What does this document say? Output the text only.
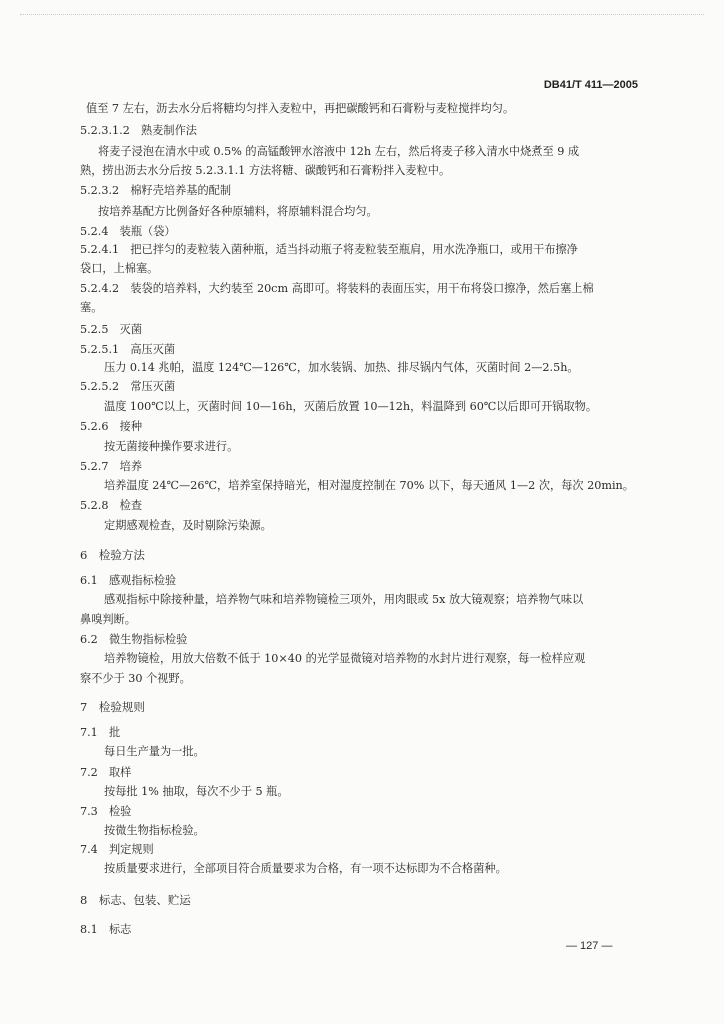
DB41/T 411—2005
值至 7 左右，沥去水分后将糖均匀拌入麦粒中，再把碳酸钙和石膏粉与麦粒搅拌均匀。
5.2.3.1.2　熟麦制作法
将麦子浸泡在清水中或 0.5% 的高锰酸钾水溶液中 12h 左右，然后将麦子移入清水中烧煮至 9 成
熟，捞出沥去水分后按 5.2.3.1.1 方法将糖、碳酸钙和石膏粉拌入麦粒中。
5.2.3.2　棉籽壳培养基的配制
按培养基配方比例备好各种原辅料，将原辅料混合均匀。
5.2.4　装瓶（袋）
5.2.4.1　把已拌匀的麦粒装入菌种瓶，适当抖动瓶子将麦粒装至瓶肩，用水洗净瓶口，或用干布擦净
袋口，上棉塞。
5.2.4.2　装袋的培养料，大约装至 20cm 高即可。将装料的表面压实，用干布将袋口擦净，然后塞上棉
塞。
5.2.5　灭菌
5.2.5.1　高压灭菌
压力 0.14 兆帕，温度 124℃—126℃，加水装锅、加热、排尽锅内气体，灭菌时间 2—2.5h。
5.2.5.2　常压灭菌
温度 100℃以上，灭菌时间 10—16h，灭菌后放置 10—12h，料温降到 60℃以后即可开锅取物。
5.2.6　接种
按无菌接种操作要求进行。
5.2.7　培养
培养温度 24℃—26℃，培养室保持暗光，相对湿度控制在 70% 以下，每天通风 1—2 次，每次 20min。
5.2.8　检查
定期感观检查，及时剔除污染源。
6　检验方法
6.1　感观指标检验
感观指标中除接种量，培养物气味和培养物镜检三项外，用肉眼或 5x 放大镜观察；培养物气味以
鼻嗅判断。
6.2　微生物指标检验
培养物镜检，用放大倍数不低于 10×40 的光学显微镜对培养物的水封片进行观察，每一检样应观
察不少于 30 个视野。
7　检验规则
7.1　批
每日生产量为一批。
7.2　取样
按每批 1% 抽取，每次不少于 5 瓶。
7.3　检验
按微生物指标检验。
7.4　判定规则
按质量要求进行，全部项目符合质量要求为合格，有一项不达标即为不合格菌种。
8　标志、包装、贮运
8.1　标志
— 127 —
